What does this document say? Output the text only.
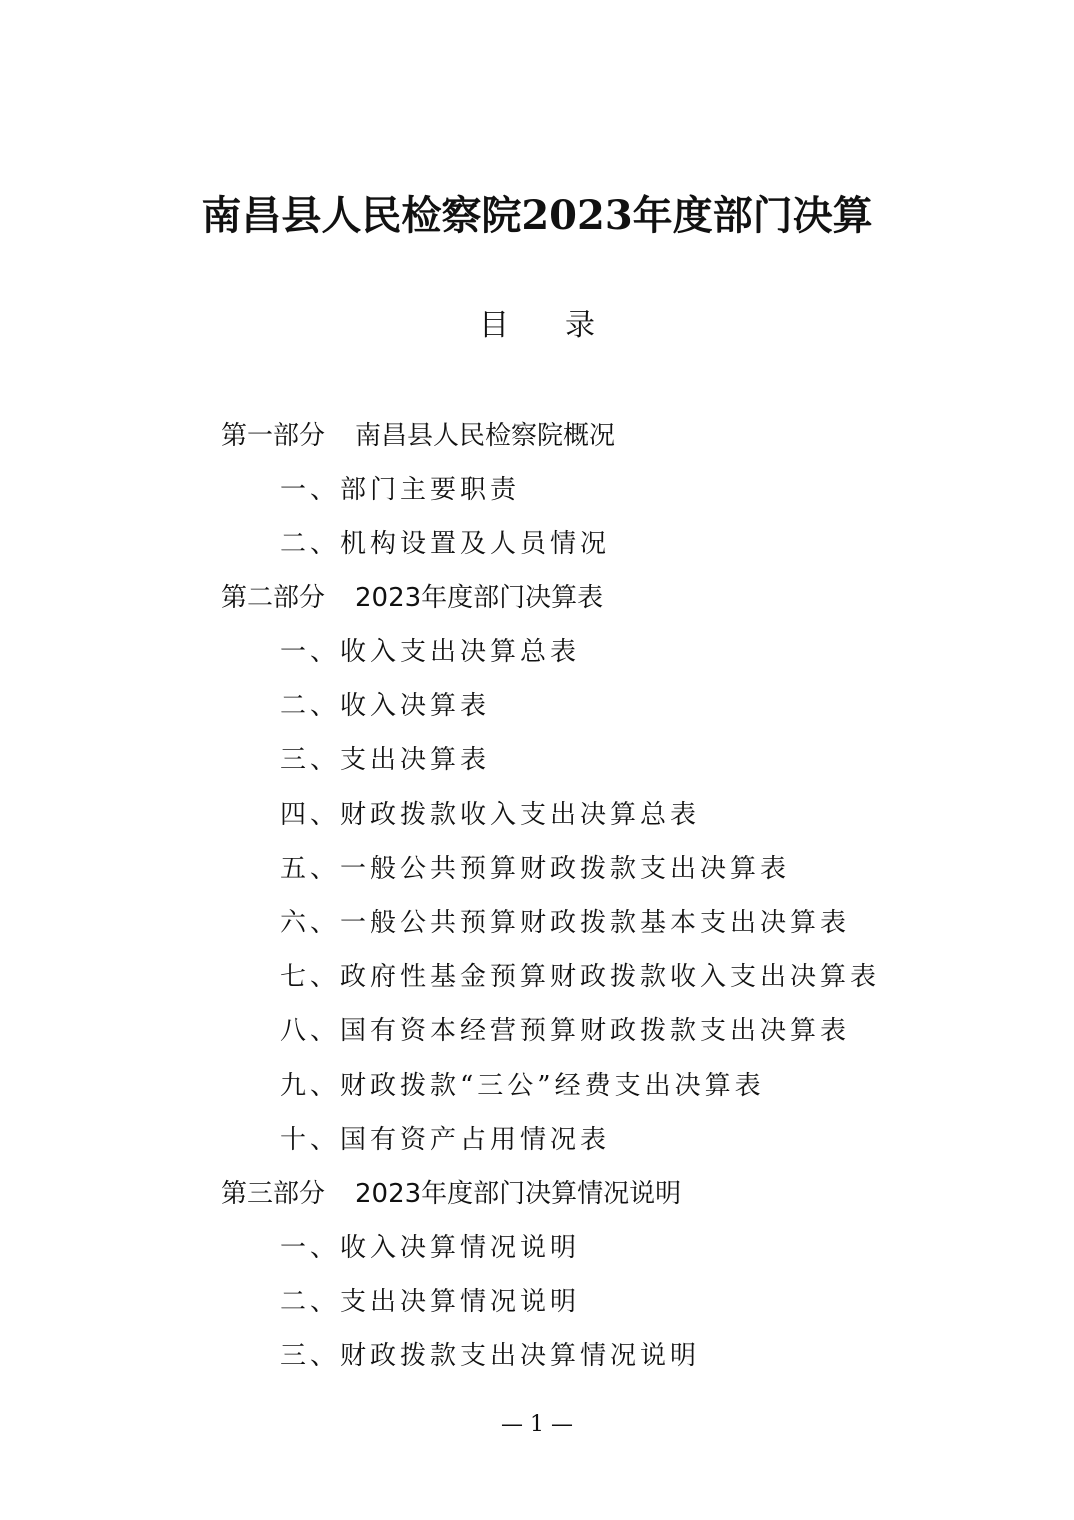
南昌县人民检察院2023年度部门决算
目 录
第一部分 南昌县人民检察院概况
一、部门主要职责
二、机构设置及人员情况
第二部分 2023年度部门决算表
一、收入支出决算总表
二、收入决算表
三、支出决算表
四、财政拨款收入支出决算总表
五、一般公共预算财政拨款支出决算表
六、一般公共预算财政拨款基本支出决算表
七、政府性基金预算财政拨款收入支出决算表
八、国有资本经营预算财政拨款支出决算表
九、财政拨款“三公”经费支出决算表
十、国有资产占用情况表
第三部分 2023年度部门决算情况说明
一、收入决算情况说明
二、支出决算情况说明
三、财政拨款支出决算情况说明
— 1 —
